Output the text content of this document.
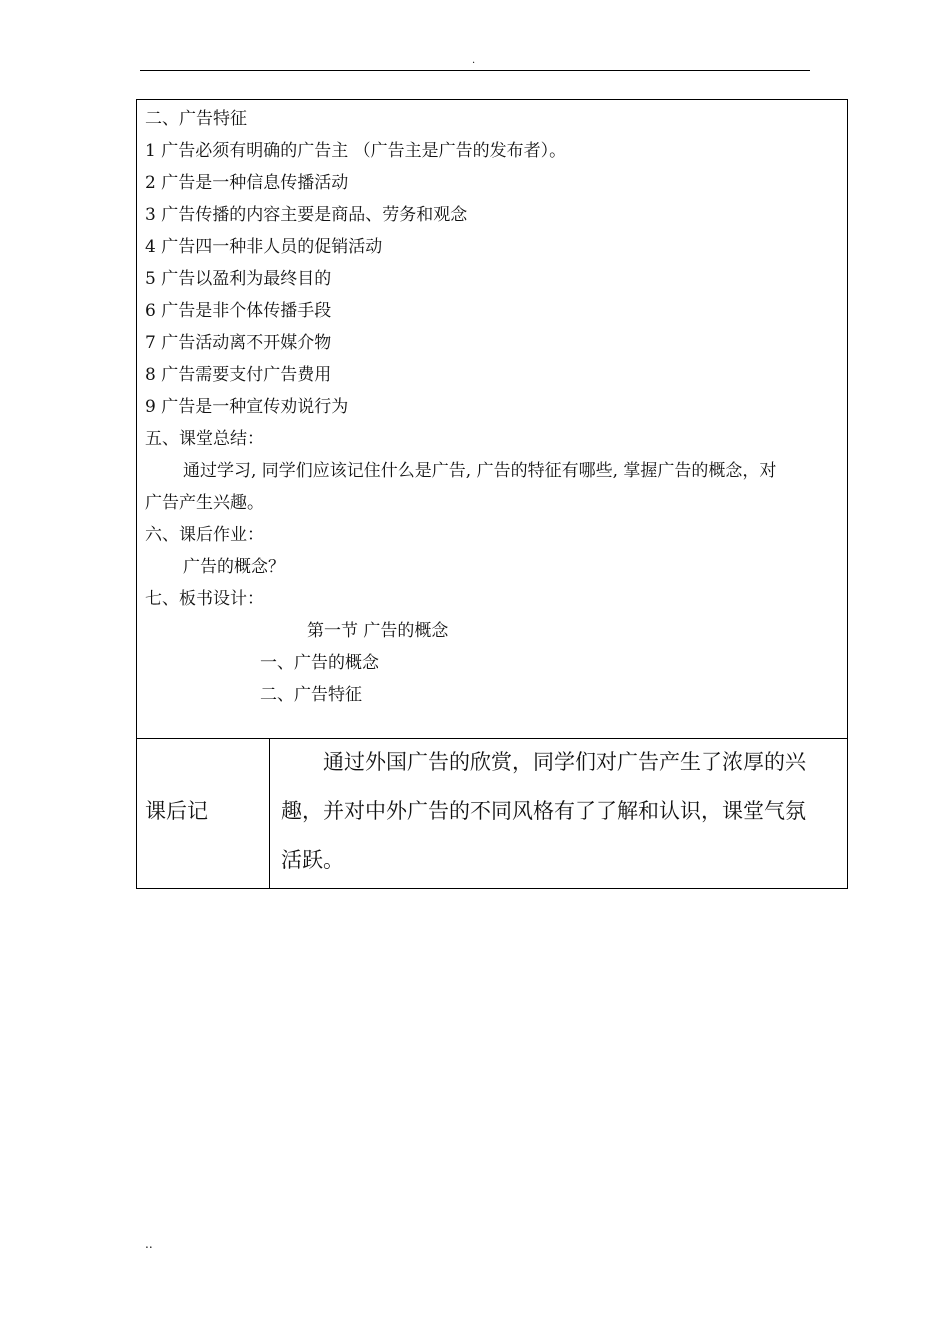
.
二、广告特征
1 广告必须有明确的广告主 （广告主是广告的发布者）。
2 广告是一种信息传播活动
3 广告传播的内容主要是商品、劳务和观念
4 广告四一种非人员的促销活动
5 广告以盈利为最终目的
6 广告是非个体传播手段
7 广告活动离不开媒介物
8 广告需要支付广告费用
9 广告是一种宣传劝说行为
五、课堂总结：
通过学习, 同学们应该记住什么是广告, 广告的特征有哪些, 掌握广告的概念，对
广告产生兴趣。
六、课后作业：
广告的概念？
七、板书设计：
第一节 广告的概念
一、广告的概念
二、广告特征
课后记
通过外国广告的欣赏，同学们对广告产生了浓厚的兴
趣，并对中外广告的不同风格有了了解和认识，课堂气氛
活跃。
..
